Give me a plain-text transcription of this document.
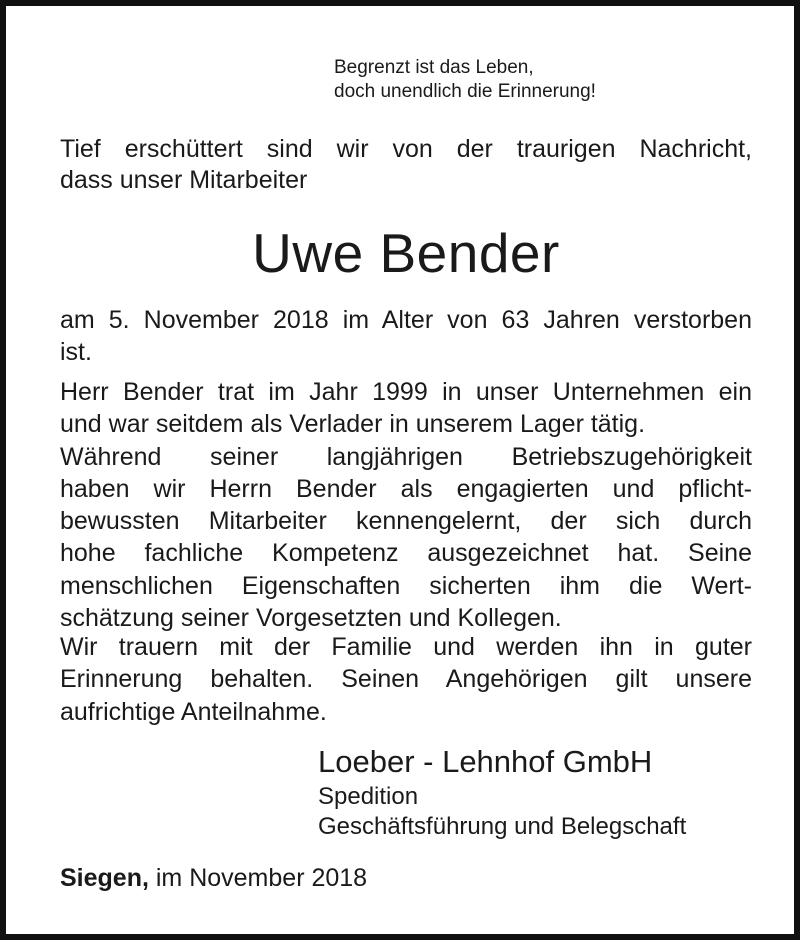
Begrenzt ist das Leben,
doch unendlich die Erinnerung!
Tief erschüttert sind wir von der traurigen Nachricht,
dass unser Mitarbeiter
Uwe Bender
am 5. November 2018 im Alter von 63 Jahren verstorben
ist.
Herr Bender trat im Jahr 1999 in unser Unternehmen ein
und war seitdem als Verlader in unserem Lager tätig.
Während seiner langjährigen Betriebszugehörigkeit
haben wir Herrn Bender als engagierten und pflicht-
bewussten Mitarbeiter kennengelernt, der sich durch
hohe fachliche Kompetenz ausgezeichnet hat. Seine
menschlichen Eigenschaften sicherten ihm die Wert-
schätzung seiner Vorgesetzten und Kollegen.
Wir trauern mit der Familie und werden ihn in guter
Erinnerung behalten. Seinen Angehörigen gilt unsere
aufrichtige Anteilnahme.
Loeber - Lehnhof GmbH
Spedition
Geschäftsführung und Belegschaft
Siegen, im November 2018
